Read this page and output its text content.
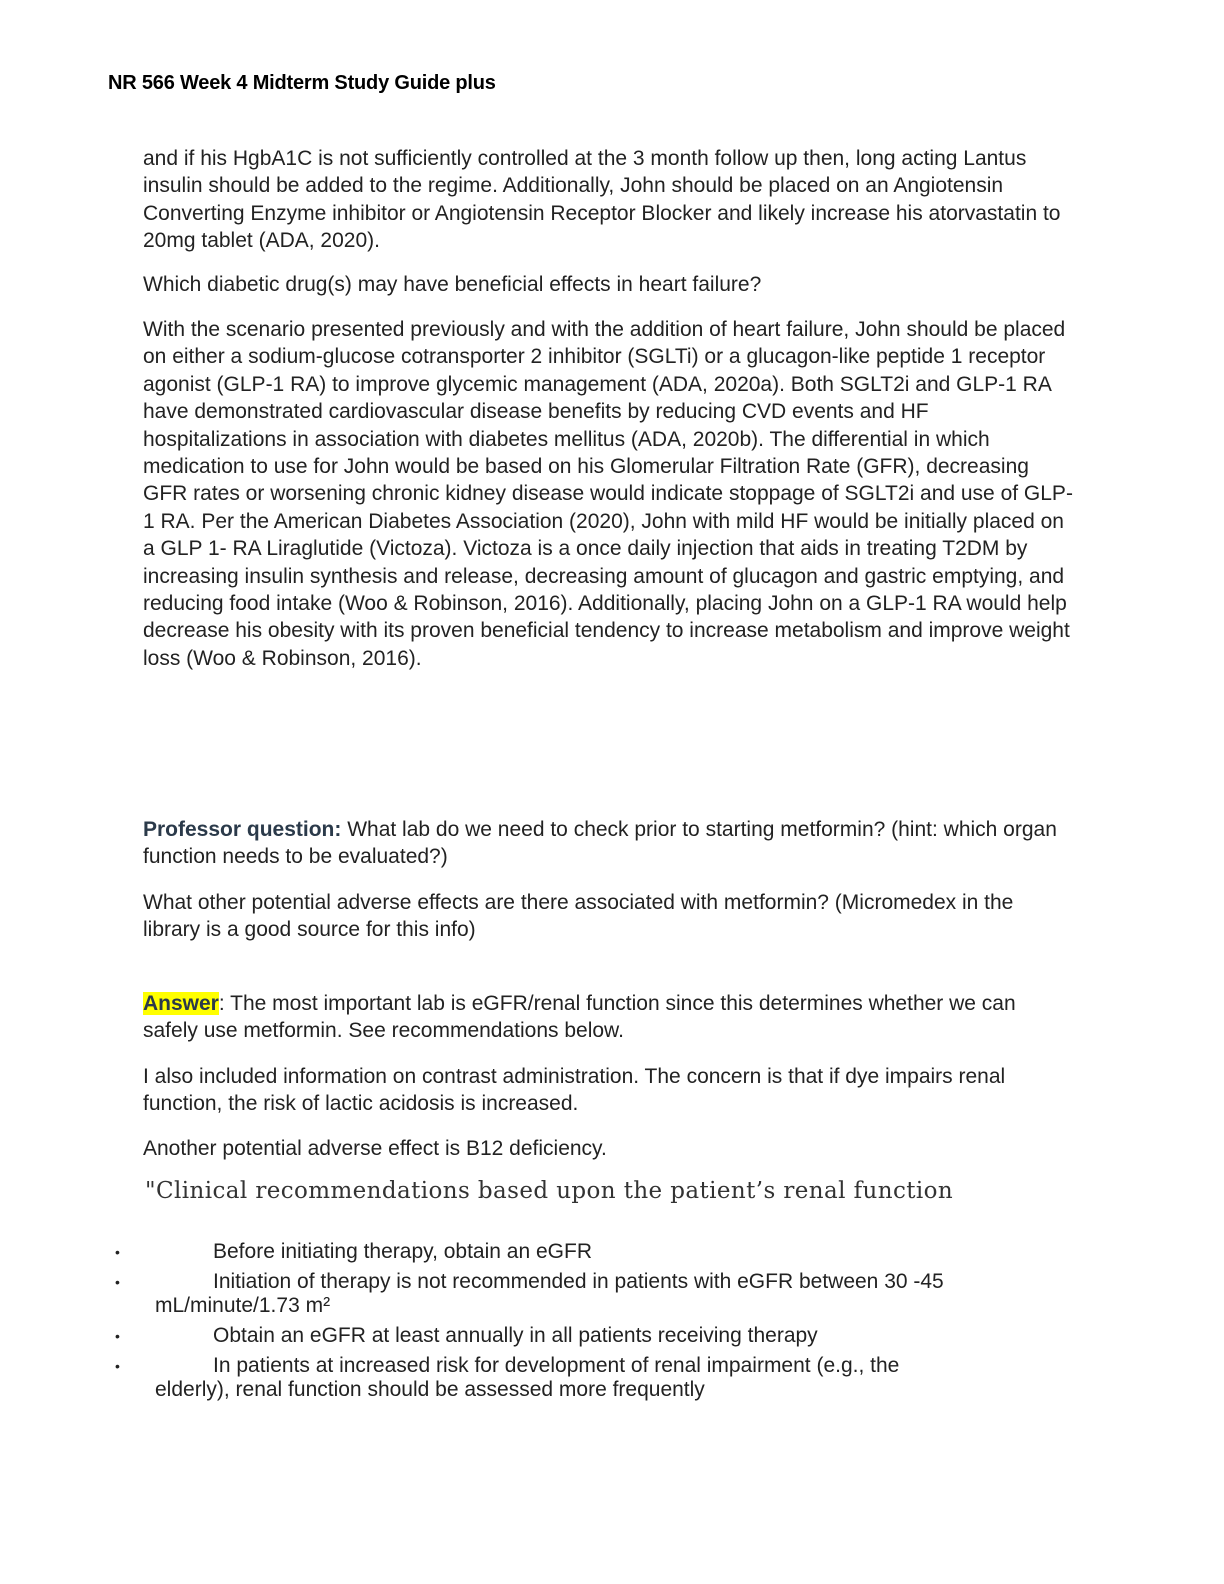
NR 566 Week 4 Midterm Study Guide plus

and if his HgbA1C is not sufficiently controlled at the 3 month follow up then, long acting Lantus insulin should be added to the regime. Additionally, John should be placed on an Angiotensin Converting Enzyme inhibitor or Angiotensin Receptor Blocker and likely increase his atorvastatin to 20mg tablet (ADA, 2020).

Which diabetic drug(s) may have beneficial effects in heart failure?

With the scenario presented previously and with the addition of heart failure, John should be placed on either a sodium-glucose cotransporter 2 inhibitor (SGLTi) or a glucagon-like peptide 1 receptor agonist (GLP-1 RA) to improve glycemic management (ADA, 2020a). Both SGLT2i and GLP-1 RA have demonstrated cardiovascular disease benefits by reducing CVD events and HF hospitalizations in association with diabetes mellitus (ADA, 2020b). The differential in which medication to use for John would be based on his Glomerular Filtration Rate (GFR), decreasing GFR rates or worsening chronic kidney disease would indicate stoppage of SGLT2i and use of GLP-1 RA. Per the American Diabetes Association (2020), John with mild HF would be initially placed on a GLP 1- RA Liraglutide (Victoza). Victoza is a once daily injection that aids in treating T2DM by increasing insulin synthesis and release, decreasing amount of glucagon and gastric emptying, and reducing food intake (Woo & Robinson, 2016). Additionally, placing John on a GLP-1 RA would help decrease his obesity with its proven beneficial tendency to increase metabolism and improve weight loss (Woo & Robinson, 2016).

Professor question: What lab do we need to check prior to starting metformin? (hint: which organ function needs to be evaluated?)

What other potential adverse effects are there associated with metformin? (Micromedex in the library is a good source for this info)

Answer: The most important lab is eGFR/renal function since this determines whether we can safely use metformin. See recommendations below.

I also included information on contrast administration. The concern is that if dye impairs renal function, the risk of lactic acidosis is increased.

Another potential adverse effect is B12 deficiency.

"Clinical recommendations based upon the patient’s renal function
•	Before initiating therapy, obtain an eGFR
•	Initiation of therapy is not recommended in patients with eGFR between 30 -45
mL/minute/1.73 m²
•	Obtain an eGFR at least annually in all patients receiving therapy
•	In patients at increased risk for development of renal impairment (e.g., the
elderly), renal function should be assessed more frequently
